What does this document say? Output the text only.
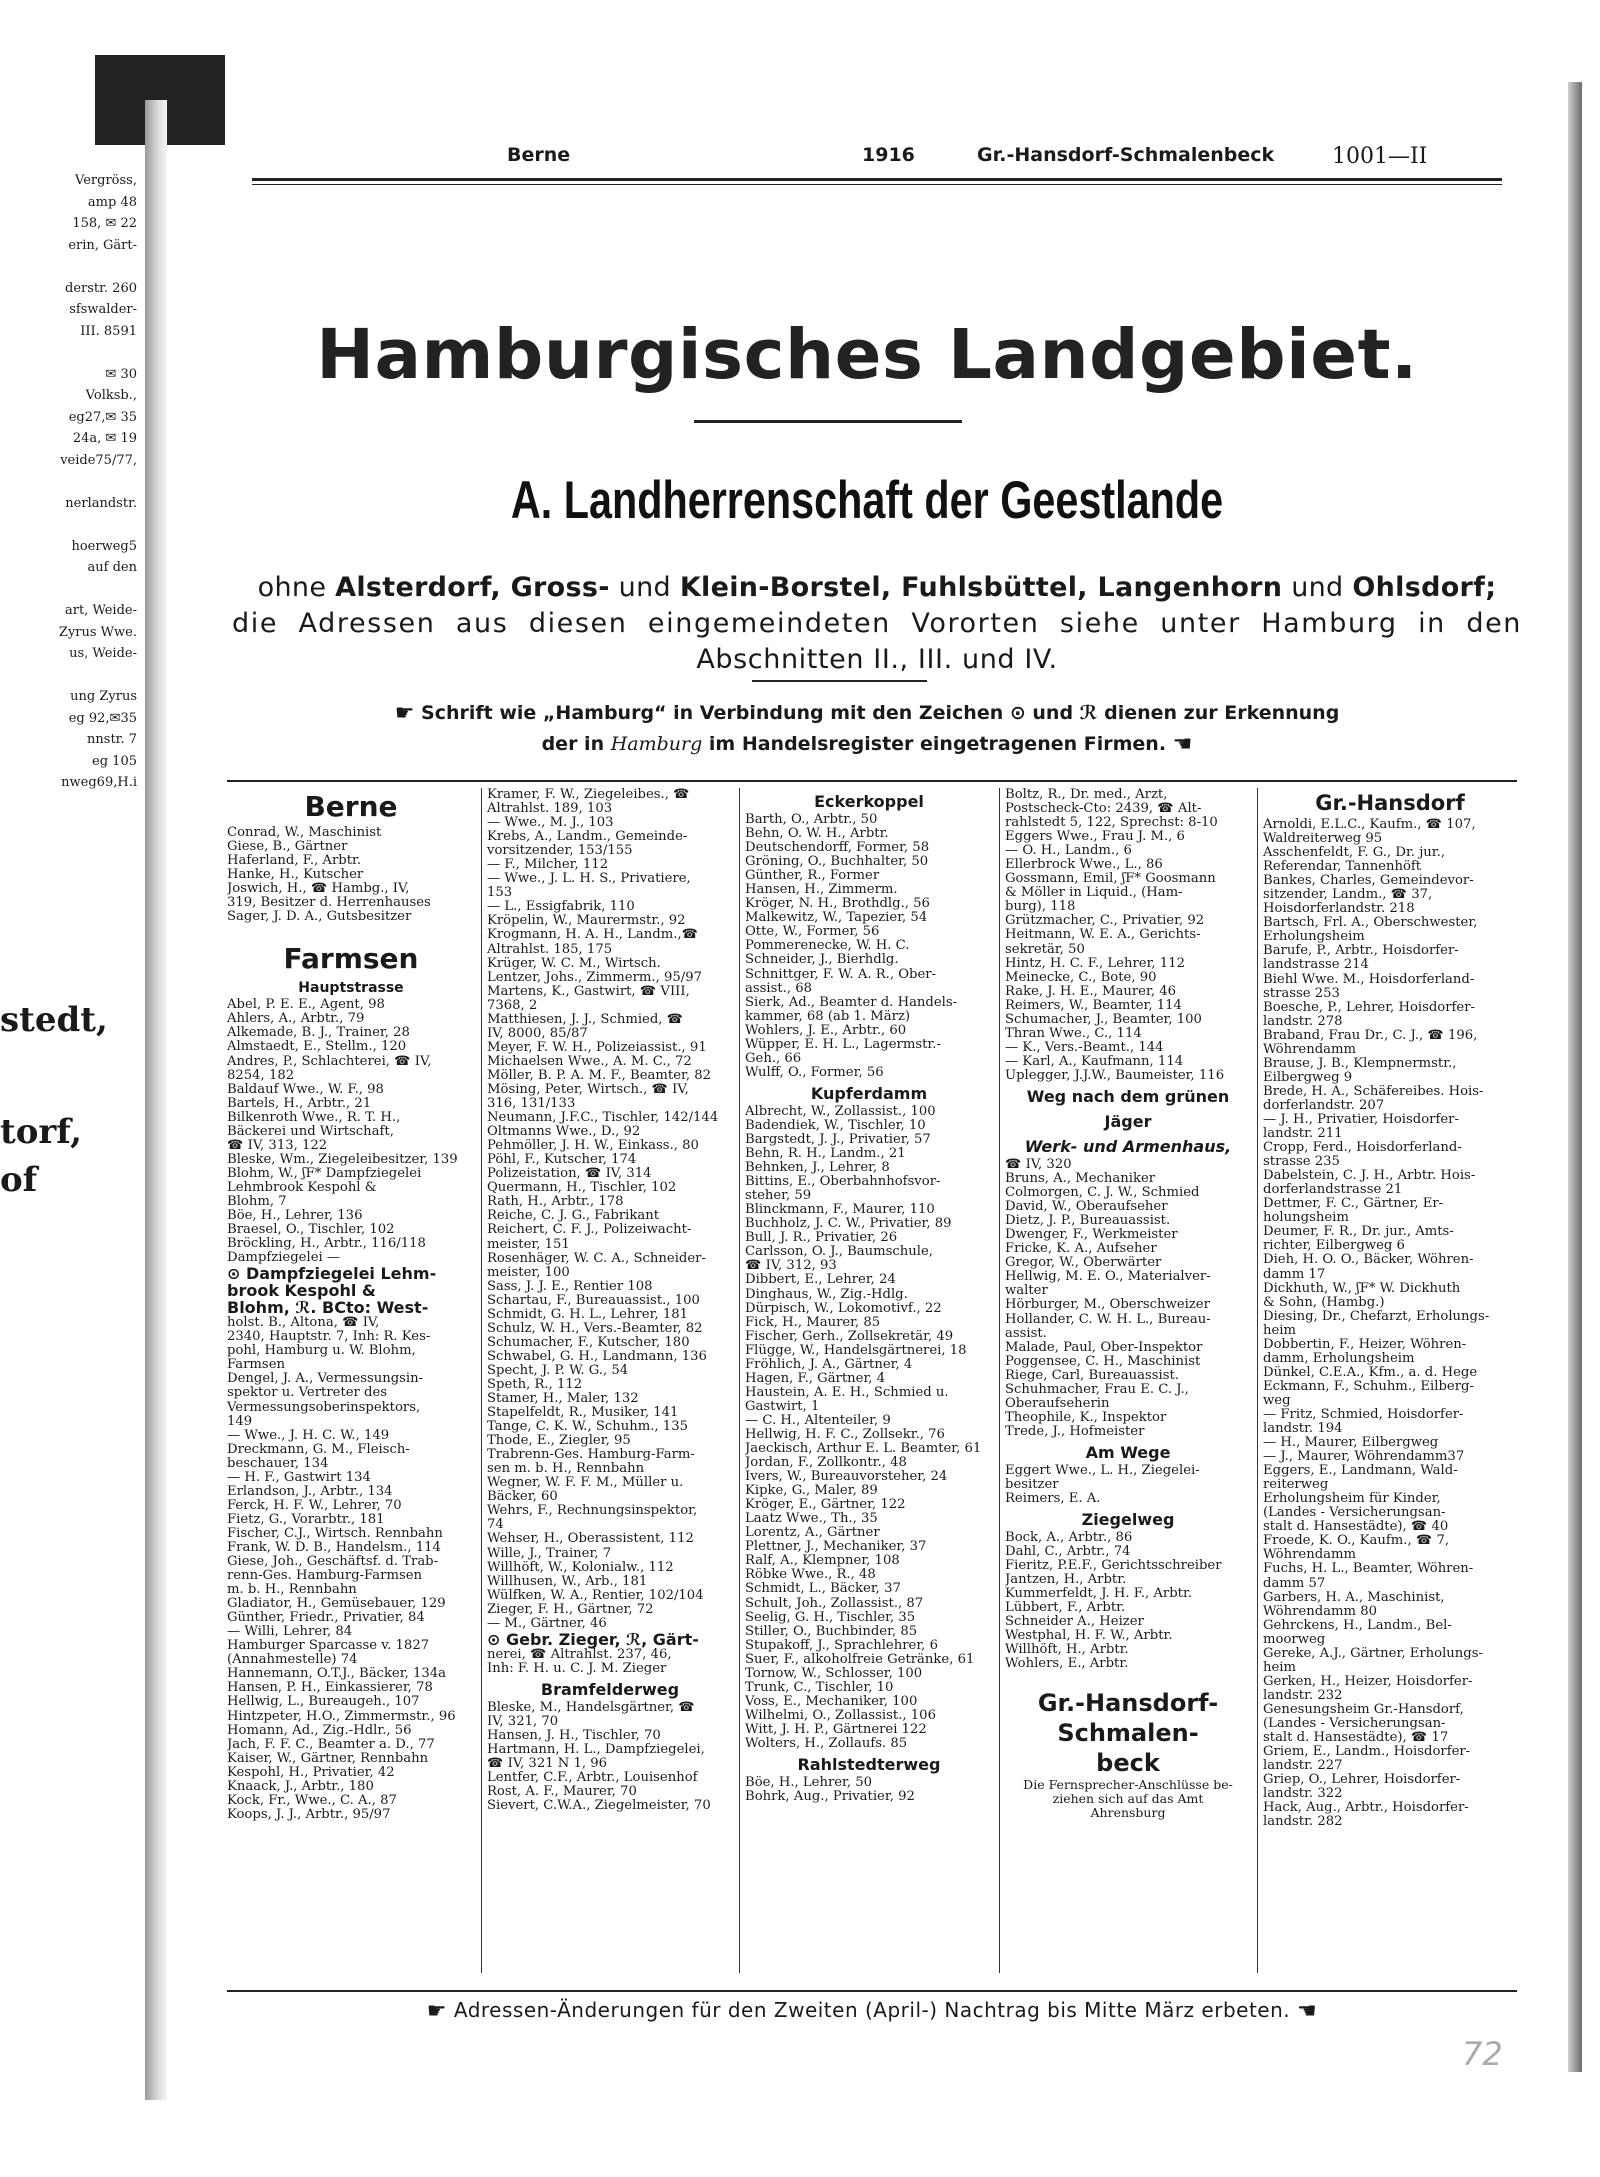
Vergröss,
amp 48
158, ✉ 22
erin, Gärt-

derstr. 260
sfswalder-
III. 8591

✉ 30
Volksb.,
eg27,✉ 35
24a, ✉ 19
veide75/77,

nerlandstr.

hoerweg5
auf den

art, Weide-
Zyrus Wwe.
us, Weide-

ung Zyrus
eg 92,✉35
nnstr. 7
eg 105
nweg69,H.i
stedt,
torf,
of
Berne	1916	Gr.-Hansdorf-Schmalenbeck	1001—II
Hamburgisches Landgebiet.
A. Landherrenschaft der Geestlande
ohne Alsterdorf, Gross- und Klein-Borstel, Fuhlsbüttel, Langenhorn und Ohlsdorf;
die Adressen aus diesen eingemeindeten Vororten siehe unter Hamburg in den
Abschnitten II., III. und IV.
☛ Schrift wie „Hamburg“ in Verbindung mit den Zeichen ⊙ und ℛ dienen zur Erkennung
der in Hamburg im Handelsregister eingetragenen Firmen. ☚
Berne
Conrad, W., Maschinist
Giese, B., Gärtner
Haferland, F., Arbtr.
Hanke, H., Kutscher
Joswich, H., ☎ Hambg., IV,
319, Besitzer d. Herrenhauses
Sager, J. D. A., Gutsbesitzer
Farmsen
Hauptstrasse
Abel, P. E. E., Agent, 98
Ahlers, A., Arbtr., 79
Alkemade, B. J., Trainer, 28
Almstaedt, E., Stellm., 120
Andres, P., Schlachterei, ☎ IV,
8254, 182
Baldauf Wwe., W. F., 98
Bartels, H., Arbtr., 21
Bilkenroth Wwe., R. T. H.,
Bäckerei und Wirtschaft,
☎ IV, 313, 122
Bleske, Wm., Ziegeleibesitzer, 139
Blohm, W., ʃF* Dampfziegelei
Lehmbrook Kespohl &
Blohm, 7
Böe, H., Lehrer, 136
Braesel, O., Tischler, 102
Bröckling, H., Arbtr., 116/118
Dampfziegelei —
⊙ Dampfziegelei Lehm-
brook Kespohl &
Blohm, ℛ. BCto: West-
holst. B., Altona, ☎ IV,
2340, Hauptstr. 7, Inh: R. Kes-
pohl, Hamburg u. W. Blohm,
Farmsen
Dengel, J. A., Vermessungsin-
spektor u. Vertreter des
Vermessungsoberinspektors,
149
— Wwe., J. H. C. W., 149
Dreckmann, G. M., Fleisch-
beschauer, 134
— H. F., Gastwirt 134
Erlandson, J., Arbtr., 134
Ferck, H. F. W., Lehrer, 70
Fietz, G., Vorarbtr., 181
Fischer, C.J., Wirtsch. Rennbahn
Frank, W. D. B., Handelsm., 114
Giese, Joh., Geschäftsf. d. Trab-
renn-Ges. Hamburg-Farmsen
m. b. H., Rennbahn
Gladiator, H., Gemüsebauer, 129
Günther, Friedr., Privatier, 84
— Willi, Lehrer, 84
Hamburger Sparcasse v. 1827
(Annahmestelle) 74
Hannemann, O.T.J., Bäcker, 134a
Hansen, P. H., Einkassierer, 78
Hellwig, L., Bureaugeh., 107
Hintzpeter, H.O., Zimmermstr., 96
Homann, Ad., Zig.-Hdlr., 56
Jach, F. F. C., Beamter a. D., 77
Kaiser, W., Gärtner, Rennbahn
Kespohl, H., Privatier, 42
Knaack, J., Arbtr., 180
Kock, Fr., Wwe., C. A., 87
Koops, J. J., Arbtr., 95/97
Kramer, F. W., Ziegeleibes., ☎
Altrahlst. 189, 103
— Wwe., M. J., 103
Krebs, A., Landm., Gemeinde-
vorsitzender, 153/155
— F., Milcher, 112
— Wwe., J. L. H. S., Privatiere,
153
— L., Essigfabrik, 110
Kröpelin, W., Maurermstr., 92
Krogmann, H. A. H., Landm.,☎
Altrahlst. 185, 175
Krüger, W. C. M., Wirtsch.
Lentzer, Johs., Zimmerm., 95/97
Martens, K., Gastwirt, ☎ VIII,
7368, 2
Matthiesen, J. J., Schmied, ☎
IV, 8000, 85/87
Meyer, F. W. H., Polizeiassist., 91
Michaelsen Wwe., A. M. C., 72
Möller, B. P. A. M. F., Beamter, 82
Mösing, Peter, Wirtsch., ☎ IV,
316, 131/133
Neumann, J.F.C., Tischler, 142/144
Oltmanns Wwe., D., 92
Pehmöller, J. H. W., Einkass., 80
Pöhl, F., Kutscher, 174
Polizeistation, ☎ IV, 314
Quermann, H., Tischler, 102
Rath, H., Arbtr., 178
Reiche, C. J. G., Fabrikant
Reichert, C. F. J., Polizeiwacht-
meister, 151
Rosenhäger, W. C. A., Schneider-
meister, 100
Sass, J. J. E., Rentier 108
Schartau, F., Bureauassist., 100
Schmidt, G. H. L., Lehrer, 181
Schulz, W. H., Vers.-Beamter, 82
Schumacher, F., Kutscher, 180
Schwabel, G. H., Landmann, 136
Specht, J. P. W. G., 54
Speth, R., 112
Stamer, H., Maler, 132
Stapelfeldt, R., Musiker, 141
Tange, C. K. W., Schuhm., 135
Thode, E., Ziegler, 95
Trabrenn-Ges. Hamburg-Farm-
sen m. b. H., Rennbahn
Wegner, W. F. F. M., Müller u.
Bäcker, 60
Wehrs, F., Rechnungsinspektor,
74
Wehser, H., Oberassistent, 112
Wille, J., Trainer, 7
Willhöft, W., Kolonialw., 112
Willhusen, W., Arb., 181
Wülfken, W. A., Rentier, 102/104
Zieger, F. H., Gärtner, 72
— M., Gärtner, 46
⊙ Gebr. Zieger, ℛ, Gärt-
nerei, ☎ Altrahlst. 237, 46,
Inh: F. H. u. C. J. M. Zieger
Bramfelderweg
Bleske, M., Handelsgärtner, ☎
IV, 321, 70
Hansen, J. H., Tischler, 70
Hartmann, H. L., Dampfziegelei,
☎ IV, 321 N 1, 96
Lentfer, C.F., Arbtr., Louisenhof
Rost, A. F., Maurer, 70
Sievert, C.W.A., Ziegelmeister, 70
Eckerkoppel
Barth, O., Arbtr., 50
Behn, O. W. H., Arbtr.
Deutschendorff, Former, 58
Gröning, O., Buchhalter, 50
Günther, R., Former
Hansen, H., Zimmerm.
Kröger, N. H., Brothdlg., 56
Malkewitz, W., Tapezier, 54
Otte, W., Former, 56
Pommerenecke, W. H. C.
Schneider, J., Bierhdlg.
Schnittger, F. W. A. R., Ober-
assist., 68
Sierk, Ad., Beamter d. Handels-
kammer, 68 (ab 1. März)
Wohlers, J. E., Arbtr., 60
Wüpper, E. H. L., Lagermstr.-
Geh., 66
Wulff, O., Former, 56
Kupferdamm
Albrecht, W., Zollassist., 100
Badendiek, W., Tischler, 10
Bargstedt, J. J., Privatier, 57
Behn, R. H., Landm., 21
Behnken, J., Lehrer, 8
Bittins, E., Oberbahnhofsvor-
steher, 59
Blinckmann, F., Maurer, 110
Buchholz, J. C. W., Privatier, 89
Bull, J. R., Privatier, 26
Carlsson, O. J., Baumschule,
☎ IV, 312, 93
Dibbert, E., Lehrer, 24
Dinghaus, W., Zig.-Hdlg.
Dürpisch, W., Lokomotivf., 22
Fick, H., Maurer, 85
Fischer, Gerh., Zollsekretär, 49
Flügge, W., Handelsgärtnerei, 18
Fröhlich, J. A., Gärtner, 4
Hagen, F., Gärtner, 4
Haustein, A. E. H., Schmied u.
Gastwirt, 1
— C. H., Altenteiler, 9
Hellwig, H. F. C., Zollsekr., 76
Jaeckisch, Arthur E. L. Beamter, 61
Jordan, F., Zollkontr., 48
Ivers, W., Bureauvorsteher, 24
Kipke, G., Maler, 89
Kröger, E., Gärtner, 122
Laatz Wwe., Th., 35
Lorentz, A., Gärtner
Plettner, J., Mechaniker, 37
Ralf, A., Klempner, 108
Röbke Wwe., R., 48
Schmidt, L., Bäcker, 37
Schult, Joh., Zollassist., 87
Seelig, G. H., Tischler, 35
Stiller, O., Buchbinder, 85
Stupakoff, J., Sprachlehrer, 6
Suer, F., alkoholfreie Getränke, 61
Tornow, W., Schlosser, 100
Trunk, C., Tischler, 10
Voss, E., Mechaniker, 100
Wilhelmi, O., Zollassist., 106
Witt, J. H. P., Gärtnerei 122
Wolters, H., Zollaufs. 85
Rahlstedterweg
Böe, H., Lehrer, 50
Bohrk, Aug., Privatier, 92
Boltz, R., Dr. med., Arzt,
Postscheck-Cto: 2439, ☎ Alt-
rahlstedt 5, 122, Sprechst: 8-10
Eggers Wwe., Frau J. M., 6
— O. H., Landm., 6
Ellerbrock Wwe., L., 86
Gossmann, Emil, ʃF* Goosmann
& Möller in Liquid., (Ham-
burg), 118
Grützmacher, C., Privatier, 92
Heitmann, W. E. A., Gerichts-
sekretär, 50
Hintz, H. C. F., Lehrer, 112
Meinecke, C., Bote, 90
Rake, J. H. E., Maurer, 46
Reimers, W., Beamter, 114
Schumacher, J., Beamter, 100
Thran Wwe., C., 114
— K., Vers.-Beamt., 144
— Karl, A., Kaufmann, 114
Uplegger, J.J.W., Baumeister, 116
Weg nach dem grünen
Jäger
Werk- und Armenhaus,
☎ IV, 320
Bruns, A., Mechaniker
Colmorgen, C. J. W., Schmied
David, W., Oberaufseher
Dietz, J. P., Bureauassist.
Dwenger, F., Werkmeister
Fricke, K. A., Aufseher
Gregor, W., Oberwärter
Hellwig, M. E. O., Materialver-
walter
Hörburger, M., Oberschweizer
Hollander, C. W. H. L., Bureau-
assist.
Malade, Paul, Ober-Inspektor
Poggensee, C. H., Maschinist
Riege, Carl, Bureauassist.
Schuhmacher, Frau E. C. J.,
Oberaufseherin
Theophile, K., Inspektor
Trede, J., Hofmeister
Am Wege
Eggert Wwe., L. H., Ziegelei-
besitzer
Reimers, E. A.
Ziegelweg
Bock, A., Arbtr., 86
Dahl, C., Arbtr., 74
Fieritz, P.E.F., Gerichtsschreiber
Jantzen, H., Arbtr.
Kummerfeldt, J. H. F., Arbtr.
Lübbert, F., Arbtr.
Schneider A., Heizer
Westphal, H. F. W., Arbtr.
Willhöft, H., Arbtr.
Wohlers, E., Arbtr.
Gr.-Hansdorf-
Schmalen-
beck
Die Fernsprecher-Anschlüsse be-
ziehen sich auf das Amt
Ahrensburg
Gr.-Hansdorf
Arnoldi, E.L.C., Kaufm., ☎ 107,
Waldreiterweg 95
Asschenfeldt, F. G., Dr. jur.,
Referendar, Tannenhöft
Bankes, Charles, Gemeindevor-
sitzender, Landm., ☎ 37,
Hoisdorferlandstr. 218
Bartsch, Frl. A., Oberschwester,
Erholungsheim
Barufe, P., Arbtr., Hoisdorfer-
landstrasse 214
Biehl Wwe. M., Hoisdorferland-
strasse 253
Boesche, P., Lehrer, Hoisdorfer-
landstr. 278
Braband, Frau Dr., C. J., ☎ 196,
Wöhrendamm
Brause, J. B., Klempnermstr.,
Eilbergweg 9
Brede, H. A., Schäfereibes. Hois-
dorferlandstr. 207
— J. H., Privatier, Hoisdorfer-
landstr. 211
Cropp, Ferd., Hoisdorferland-
strasse 235
Dabelstein, C. J. H., Arbtr. Hois-
dorferlandstrasse 21
Dettmer, F. C., Gärtner, Er-
holungsheim
Deumer, F. R., Dr. jur., Amts-
richter, Eilbergweg 6
Dieh, H. O. O., Bäcker, Wöhren-
damm 17
Dickhuth, W., ʃF* W. Dickhuth
& Sohn, (Hambg.)
Diesing, Dr., Chefarzt, Erholungs-
heim
Dobbertin, F., Heizer, Wöhren-
damm, Erholungsheim
Dünkel, C.E.A., Kfm., a. d. Hege
Eckmann, F., Schuhm., Eilberg-
weg
— Fritz, Schmied, Hoisdorfer-
landstr. 194
— H., Maurer, Eilbergweg
— J., Maurer, Wöhrendamm37
Eggers, E., Landmann, Wald-
reiterweg
Erholungsheim für Kinder,
(Landes - Versicherungsan-
stalt d. Hansestädte), ☎ 40
Froede, K. O., Kaufm., ☎ 7,
Wöhrendamm
Fuchs, H. L., Beamter, Wöhren-
damm 57
Garbers, H. A., Maschinist,
Wöhrendamm 80
Gehrckens, H., Landm., Bel-
moorweg
Gereke, A.J., Gärtner, Erholungs-
heim
Gerken, H., Heizer, Hoisdorfer-
landstr. 232
Genesungsheim Gr.-Hansdorf,
(Landes - Versicherungsan-
stalt d. Hansestädte), ☎ 17
Griem, E., Landm., Hoisdorfer-
landstr. 227
Griep, O., Lehrer, Hoisdorfer-
landstr. 322
Hack, Aug., Arbtr., Hoisdorfer-
landstr. 282
☛ Adressen-Änderungen für den Zweiten (April-) Nachtrag bis Mitte März erbeten. ☚
72
